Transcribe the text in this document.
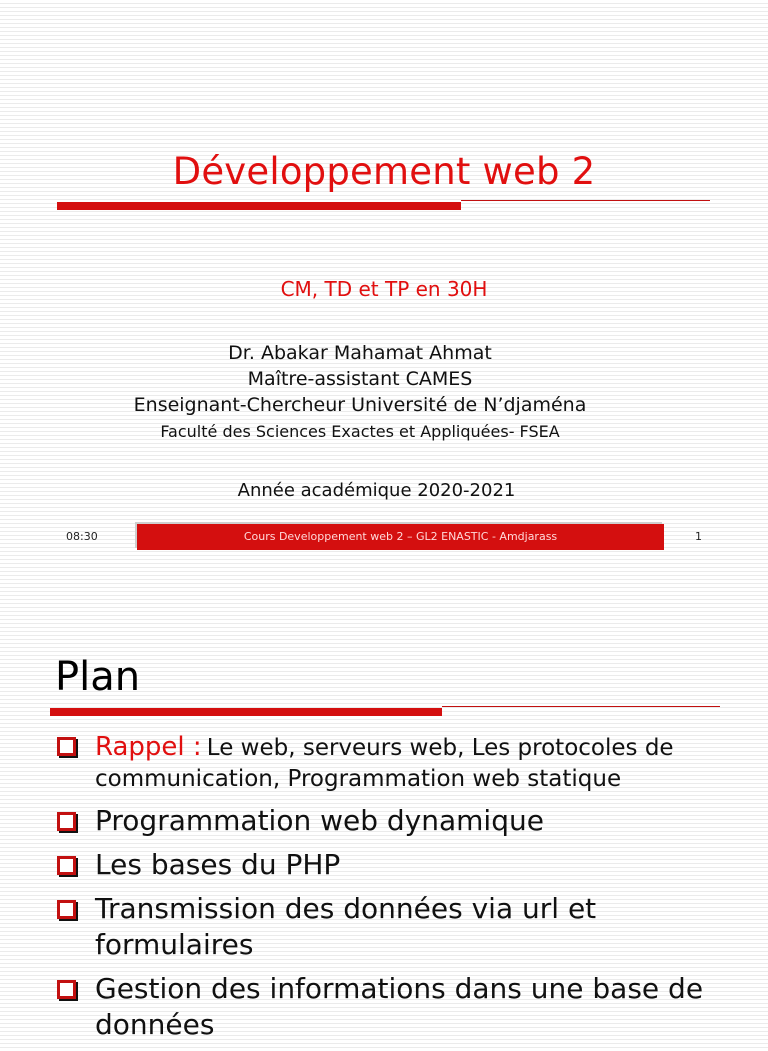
Développement web 2
CM, TD et TP en 30H
Dr. Abakar Mahamat Ahmat
Maître-assistant CAMES
Enseignant-Chercheur Université de N’djaména
Faculté des Sciences Exactes et Appliquées- FSEA
Année académique 2020-2021
08:30	Cours Developpement web 2 – GL2 ENASTIC - Amdjarass	1
Plan
Rappel : Le web, serveurs web, Les protocoles de communication, Programmation web statique
Programmation web dynamique
Les bases du PHP
Transmission des données via url et formulaires
Gestion des informations dans une base de données
